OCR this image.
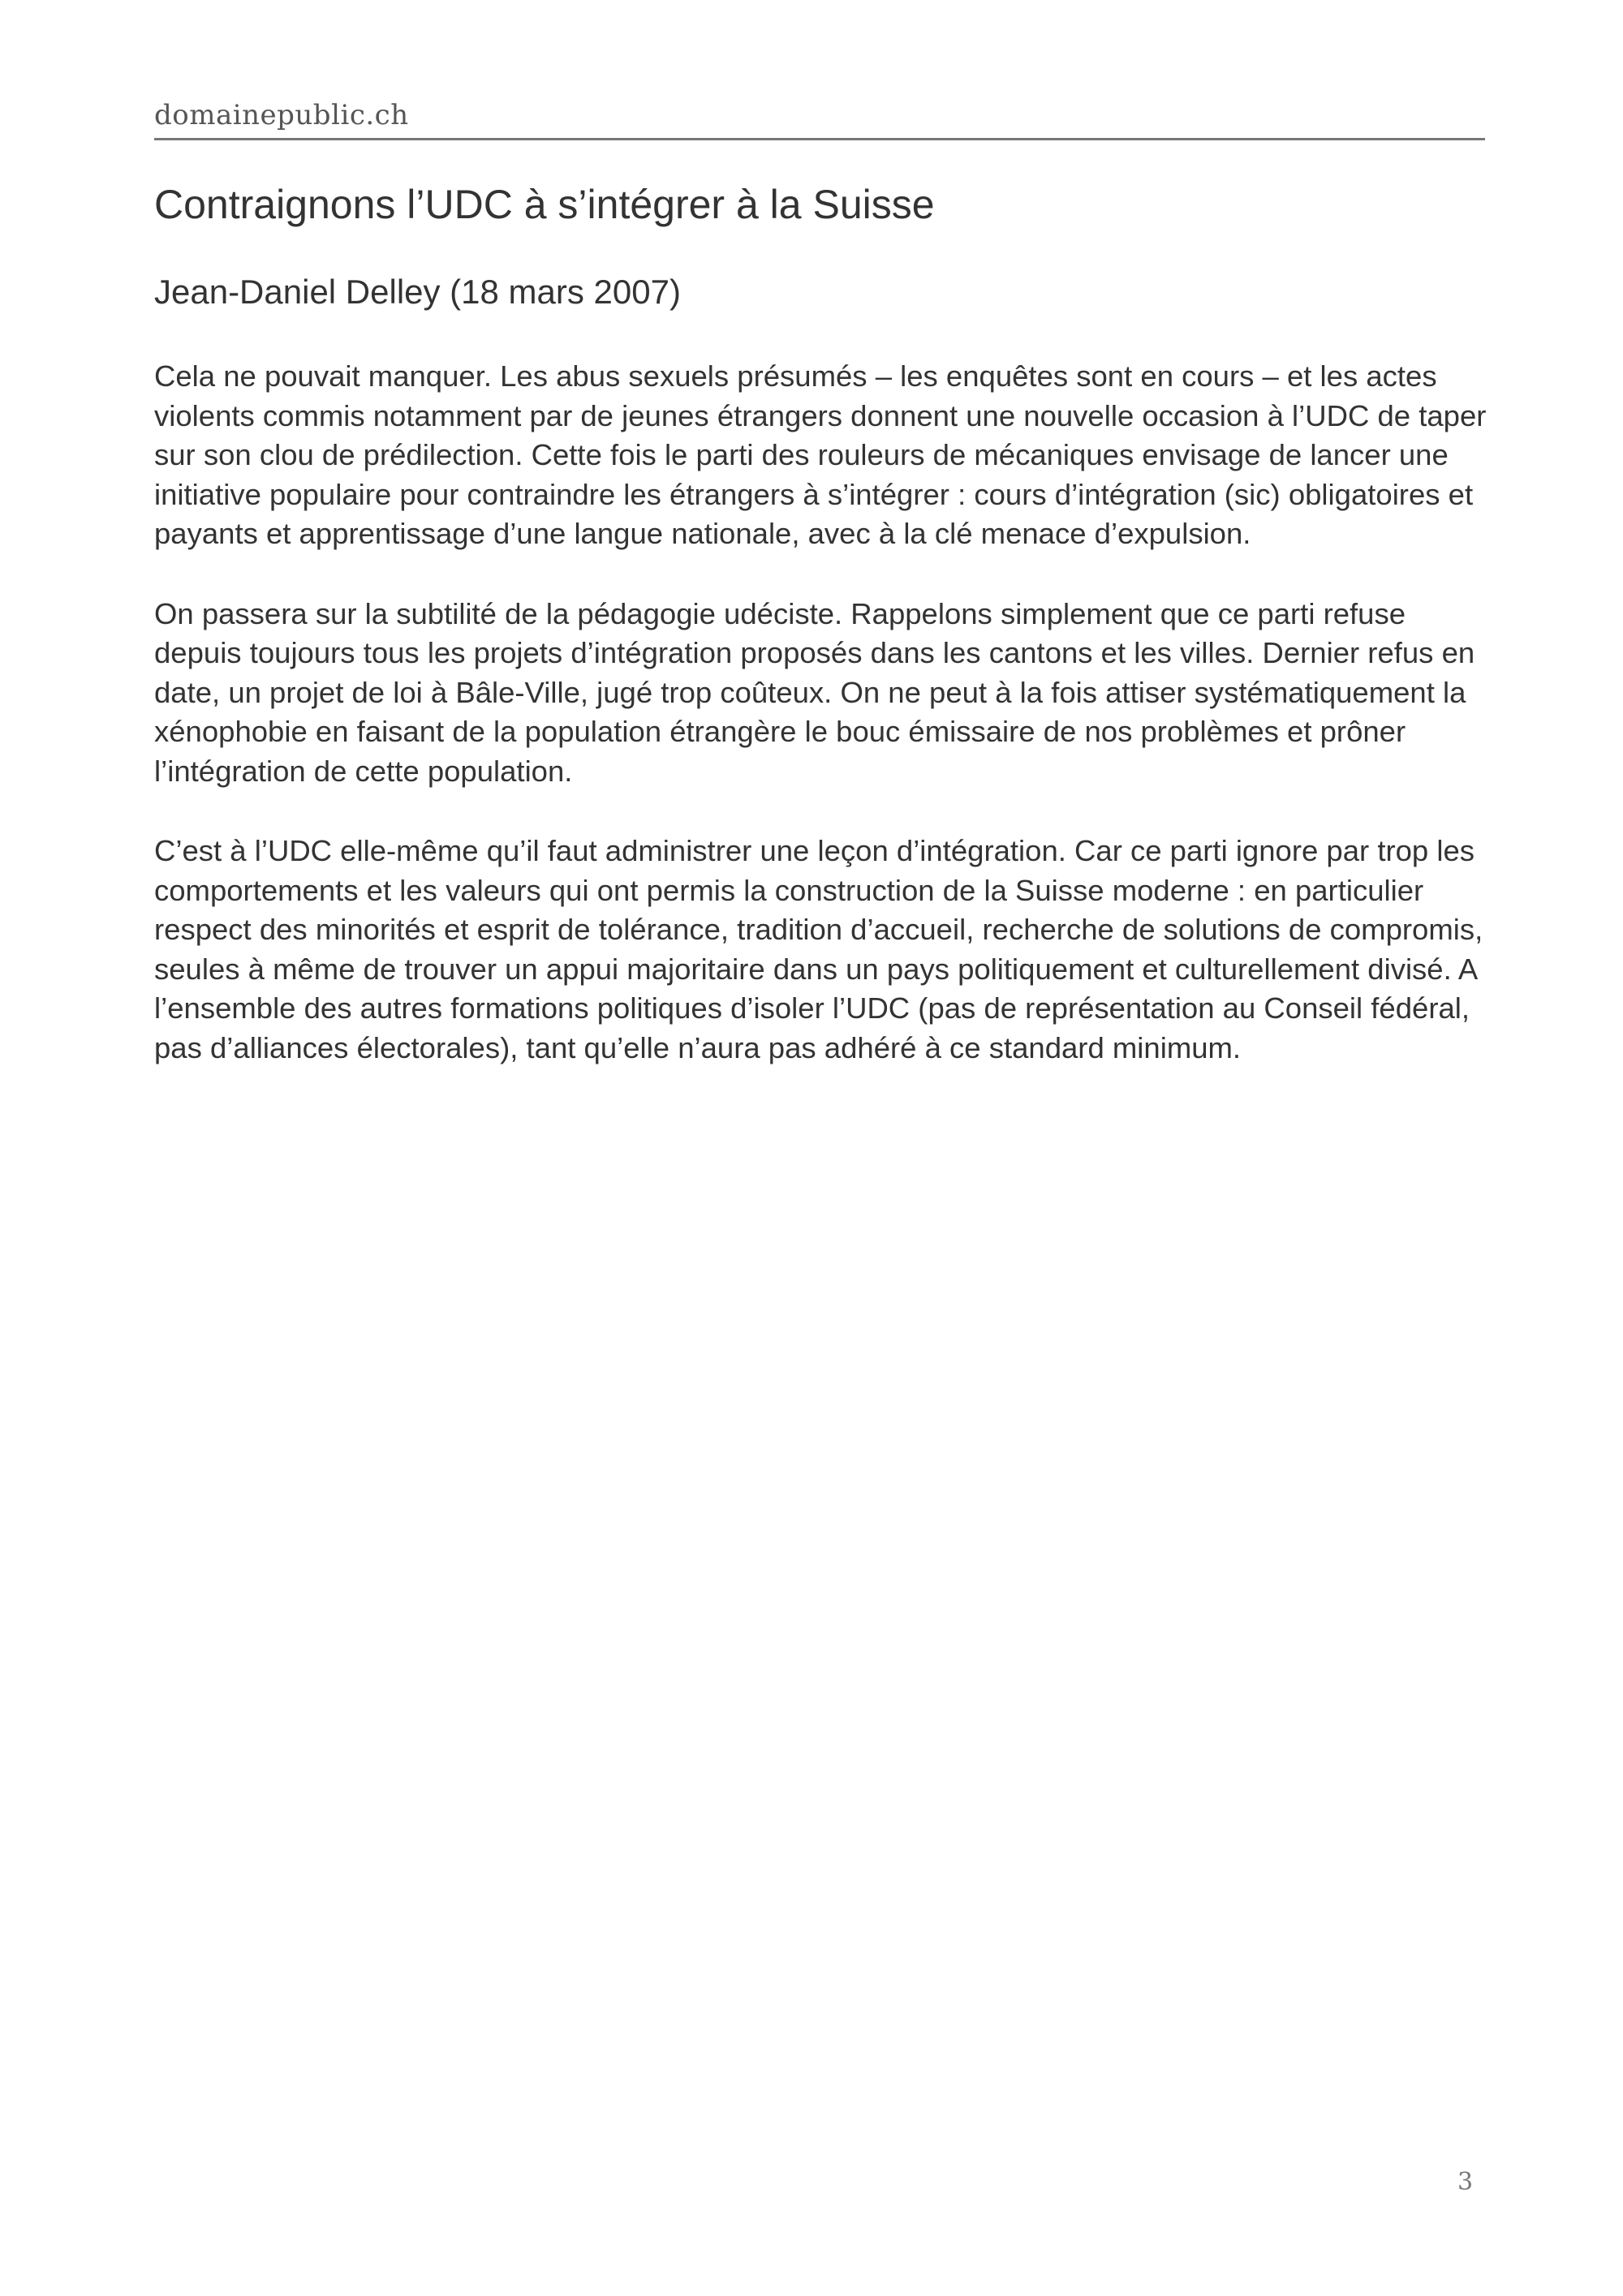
domainepublic.ch
Contraignons l’UDC à s’intégrer à la Suisse
Jean-Daniel Delley (18 mars 2007)

Cela ne pouvait manquer. Les abus sexuels présumés – les enquêtes sont en cours – et les actes violents commis notamment par de jeunes étrangers donnent une nouvelle occasion à l’UDC de taper sur son clou de prédilection. Cette fois le parti des rouleurs de mécaniques envisage de lancer une initiative populaire pour contraindre les étrangers à s’intégrer : cours d’intégration (sic) obligatoires et payants et apprentissage d’une langue nationale, avec à la clé menace d’expulsion.

On passera sur la subtilité de la pédagogie udéciste. Rappelons simplement que ce parti refuse depuis toujours tous les projets d’intégration proposés dans les cantons et les villes. Dernier refus en date, un projet de loi à Bâle-Ville, jugé trop coûteux. On ne peut à la fois attiser systématiquement la xénophobie en faisant de la population étrangère le bouc émissaire de nos problèmes et prôner l’intégration de cette population.

C’est à l’UDC elle-même qu’il faut administrer une leçon d’intégration. Car ce parti ignore par trop les comportements et les valeurs qui ont permis la construction de la Suisse moderne : en particulier respect des minorités et esprit de tolérance, tradition d’accueil, recherche de solutions de compromis, seules à même de trouver un appui majoritaire dans un pays politiquement et culturellement divisé. A l’ensemble des autres formations politiques d’isoler l’UDC (pas de représentation au Conseil fédéral, pas d’alliances électorales), tant qu’elle n’aura pas adhéré à ce standard minimum.

3
